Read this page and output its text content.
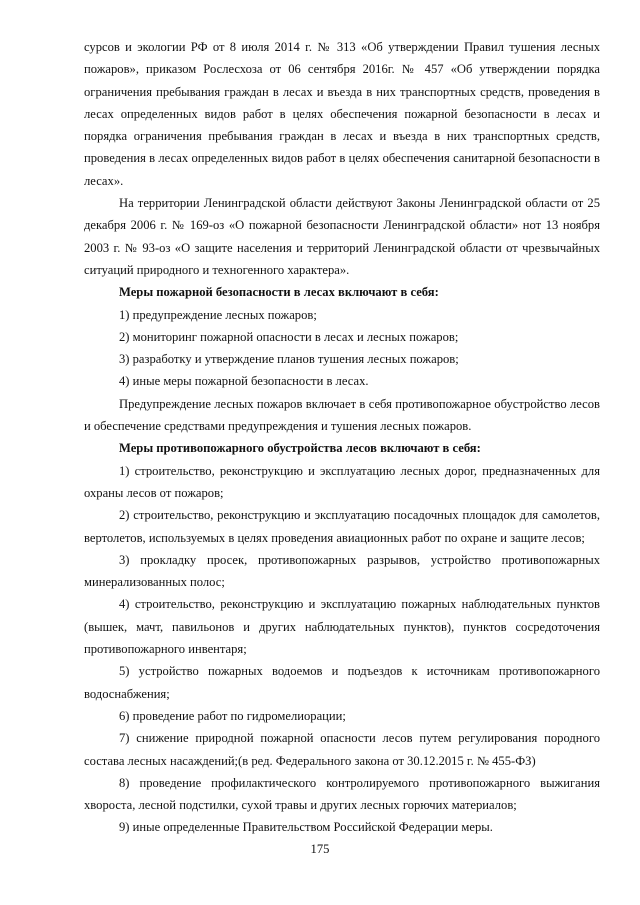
сурсов и экологии РФ от 8 июля 2014 г. № 313 «Об утверждении Правил тушения лесных пожаров», приказом Рослесхоза от 06 сентября 2016г. № 457 «Об утверждении порядка ограничения пребывания граждан в лесах и въезда в них транспортных средств, проведения в лесах определенных видов работ в целях обеспечения пожарной безопасности в лесах и порядка ограничения пребывания граждан в лесах и въезда в них транспортных средств, проведения в лесах определенных видов работ в целях обеспечения санитарной безопасности в лесах».

На территории Ленинградской области действуют Законы Ленинградской области от 25 декабря 2006 г. № 169-оз «О пожарной безопасности Ленинградской области» нот 13 ноября 2003 г. № 93-оз «О защите населения и территорий Ленинградской области от чрезвычайных ситуаций природного и техногенного характера».

Меры пожарной безопасности в лесах включают в себя:

1) предупреждение лесных пожаров;

2) мониторинг пожарной опасности в лесах и лесных пожаров;

3) разработку и утверждение планов тушения лесных пожаров;

4) иные меры пожарной безопасности в лесах.

Предупреждение лесных пожаров включает в себя противопожарное обустройство лесов и обеспечение средствами предупреждения и тушения лесных пожаров.

Меры противопожарного обустройства лесов включают в себя:

1) строительство, реконструкцию и эксплуатацию лесных дорог, предназначенных для охраны лесов от пожаров;

2) строительство, реконструкцию и эксплуатацию посадочных площадок для самолетов, вертолетов, используемых в целях проведения авиационных работ по охране и защите лесов;

3) прокладку просек, противопожарных разрывов, устройство противопожарных минерализованных полос;

4) строительство, реконструкцию и эксплуатацию пожарных наблюдательных пунктов (вышек, мачт, павильонов и других наблюдательных пунктов), пунктов сосредоточения противопожарного инвентаря;

5) устройство пожарных водоемов и подъездов к источникам противопожарного водоснабжения;

6) проведение работ по гидромелиорации;

7) снижение природной пожарной опасности лесов путем регулирования породного состава лесных насаждений;(в ред. Федерального закона от 30.12.2015 г. № 455-ФЗ)

8) проведение профилактического контролируемого противопожарного выжигания хвороста, лесной подстилки, сухой травы и других лесных горючих материалов;

9) иные определенные Правительством Российской Федерации меры.

175
